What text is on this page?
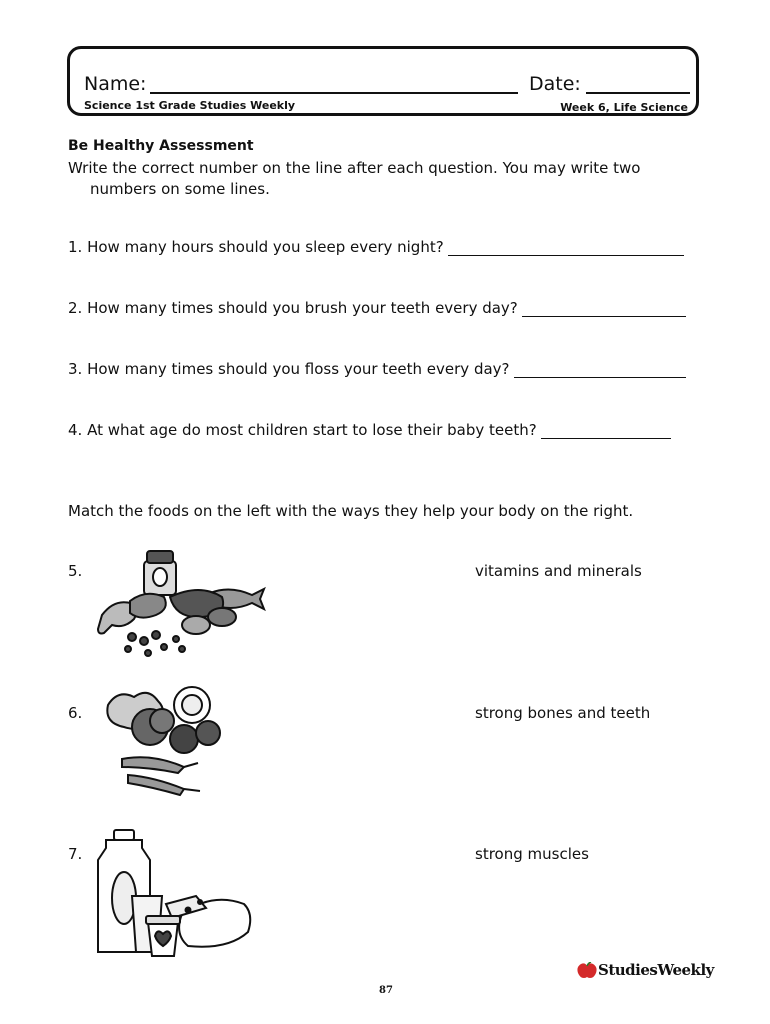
Name:	Date:
Science 1st Grade Studies Weekly	Week 6, Life Science
Be Healthy Assessment
Write the correct number on the line after each question. You may write two
numbers on some lines.
1. How many hours should you sleep every night?
2. How many times should you brush your teeth every day?
3. How many times should you floss your teeth every day?
4. At what age do most children start to lose their baby teeth?
Match the foods on the left with the ways they help your body on the right.
5.	vitamins and minerals
6.	strong bones and teeth
7.	strong muscles
87
StudiesWeekly
